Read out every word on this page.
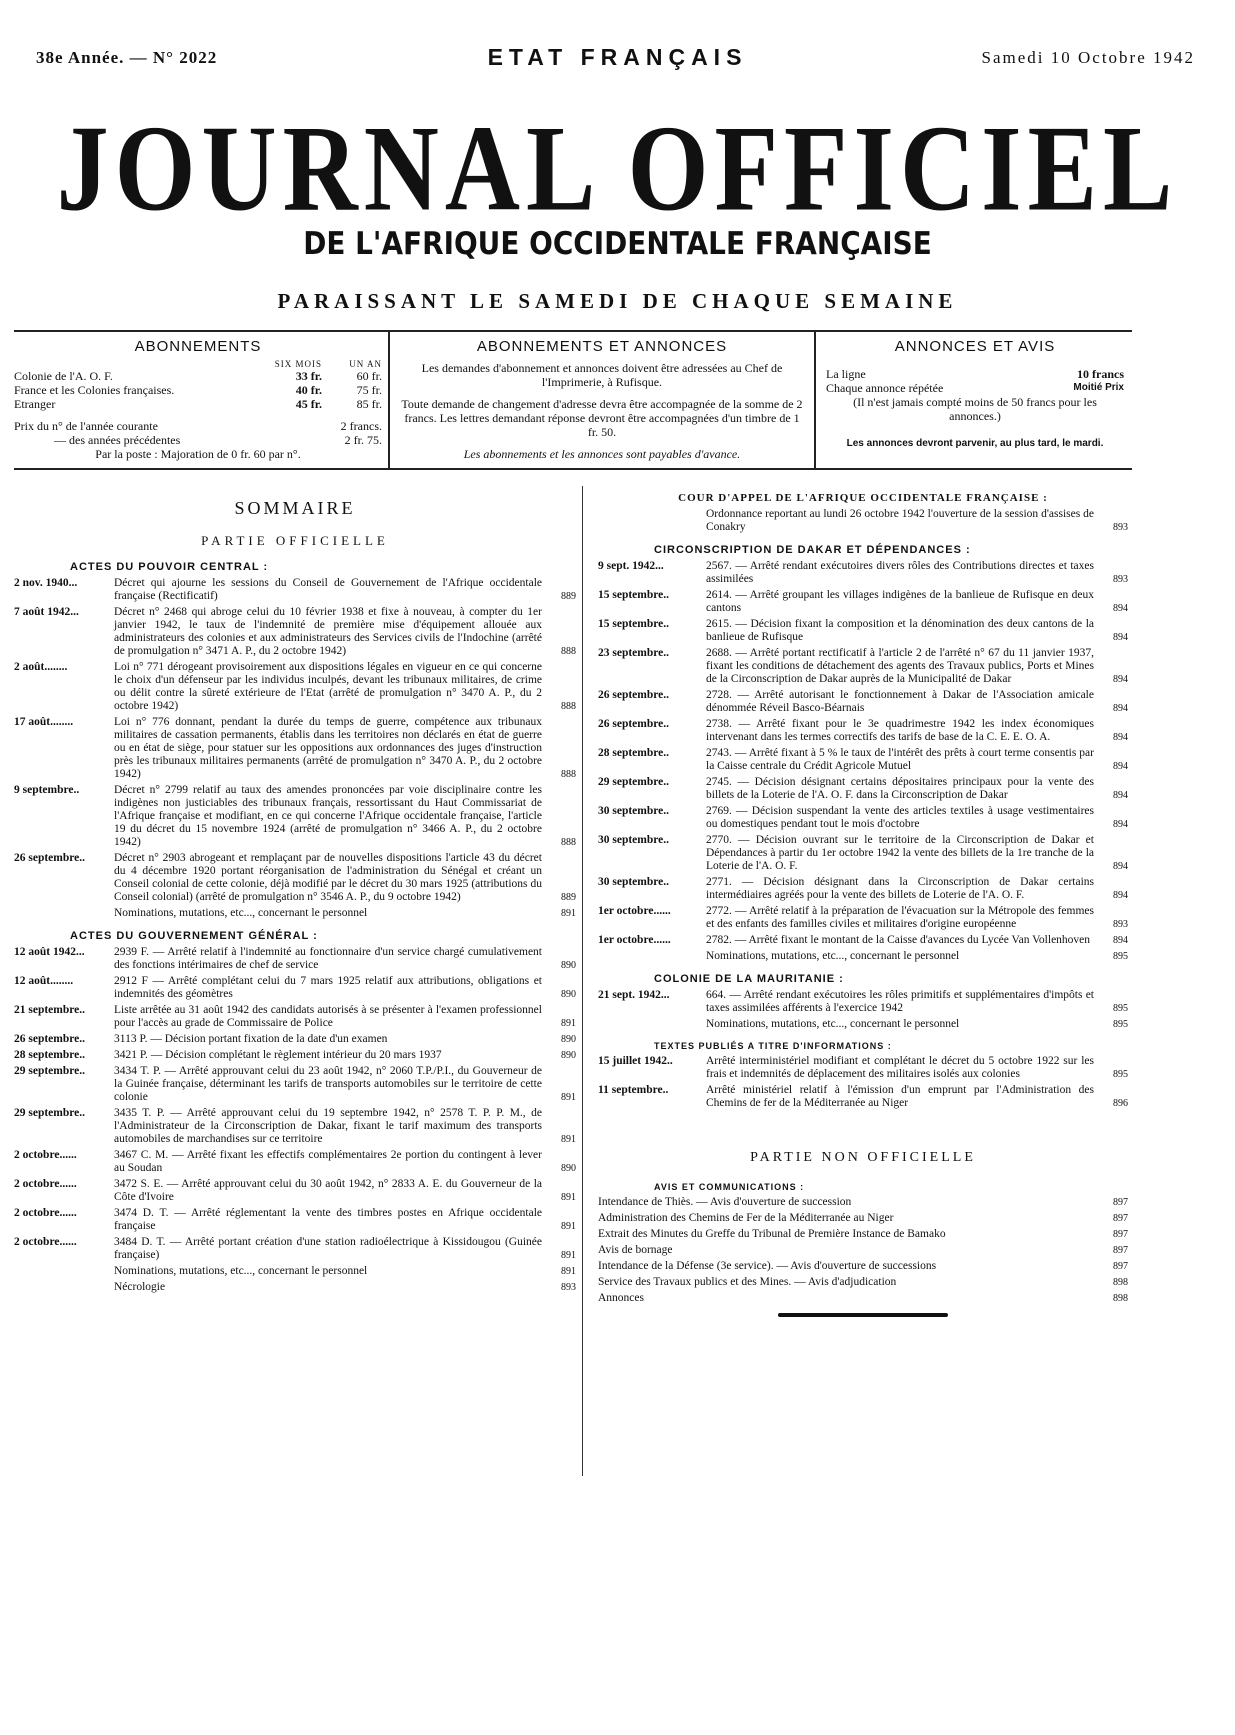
38e Année. — N° 2022	ETAT FRANÇAIS	Samedi 10 Octobre 1942
JOURNAL OFFICIEL
DE L'AFRIQUE OCCIDENTALE FRANÇAISE
PARAISSANT LE SAMEDI DE CHAQUE SEMAINE
ABONNEMENTS
SIX MOIS	UN AN
Colonie de l'A. O. F.	33 fr.	60 fr.
France et les Colonies françaises.	40 fr.	75 fr.
Etranger	45 fr.	85 fr.
Prix du n° de l'année courante	2 francs.
— des années précédentes	2 fr. 75.
Par la poste : Majoration de 0 fr. 60 par n°.
ABONNEMENTS ET ANNONCES
Les demandes d'abonnement et annonces doivent être adressées au Chef de l'Imprimerie, à Rufisque.
Toute demande de changement d'adresse devra être accompagnée de la somme de 2 francs. Les lettres demandant réponse devront être accompagnées d'un timbre de 1 fr. 50.
Les abonnements et les annonces sont payables d'avance.
ANNONCES ET AVIS
La ligne	10 francs
Chaque annonce répétée	Moitié Prix
(Il n'est jamais compté moins de 50 francs pour les annonces.)
Les annonces devront parvenir, au plus tard, le mardi.
SOMMAIRE
PARTIE OFFICIELLE
ACTES DU POUVOIR CENTRAL :
2 nov. 1940...	Décret qui ajourne les sessions du Conseil de Gouvernement de l'Afrique occidentale française (Rectificatif)	889
7 août 1942...	Décret n° 2468 qui abroge celui du 10 février 1938 et fixe à nouveau, à compter du 1er janvier 1942, le taux de l'indemnité de première mise d'équipement allouée aux administrateurs des colonies et aux administrateurs des Services civils de l'Indochine (arrêté de promulgation n° 3471 A. P., du 2 octobre 1942)	888
2 août........	Loi n° 771 dérogeant provisoirement aux dispositions légales en vigueur en ce qui concerne le choix d'un défenseur par les individus inculpés, devant les tribunaux militaires, de crime ou délit contre la sûreté extérieure de l'Etat (arrêté de promulgation n° 3470 A. P., du 2 octobre 1942)	888
17 août........	Loi n° 776 donnant, pendant la durée du temps de guerre, compétence aux tribunaux militaires de cassation permanents, établis dans les territoires non déclarés en état de guerre ou en état de siège, pour statuer sur les oppositions aux ordonnances des juges d'instruction près les tribunaux militaires permanents (arrêté de promulgation n° 3470 A. P., du 2 octobre 1942)	888
9 septembre..	Décret n° 2799 relatif au taux des amendes prononcées par voie disciplinaire contre les indigènes non justiciables des tribunaux français, ressortissant du Haut Commissariat de l'Afrique française et modifiant, en ce qui concerne l'Afrique occidentale française, l'article 19 du décret du 15 novembre 1924 (arrêté de promulgation n° 3466 A. P., du 2 octobre 1942)	888
26 septembre..	Décret n° 2903 abrogeant et remplaçant par de nouvelles dispositions l'article 43 du décret du 4 décembre 1920 portant réorganisation de l'administration du Sénégal et créant un Conseil colonial de cette colonie, déjà modifié par le décret du 30 mars 1925 (attributions du Conseil colonial) (arrêté de promulgation n° 3546 A. P., du 9 octobre 1942)	889
Nominations, mutations, etc..., concernant le personnel	891
ACTES DU GOUVERNEMENT GÉNÉRAL :
12 août 1942...	2939 F. — Arrêté relatif à l'indemnité au fonctionnaire d'un service chargé cumulativement des fonctions intérimaires de chef de service	890
12 août........	2912 F — Arrêté complétant celui du 7 mars 1925 relatif aux attributions, obligations et indemnités des géomètres	890
21 septembre..	Liste arrêtée au 31 août 1942 des candidats autorisés à se présenter à l'examen professionnel pour l'accès au grade de Commissaire de Police	891
26 septembre..	3113 P. — Décision portant fixation de la date d'un examen	890
28 septembre..	3421 P. — Décision complétant le règlement intérieur du 20 mars 1937	890
29 septembre..	3434 T. P. — Arrêté approuvant celui du 23 août 1942, n° 2060 T.P./P.I., du Gouverneur de la Guinée française, déterminant les tarifs de transports automobiles sur le territoire de cette colonie	891
29 septembre..	3435 T. P. — Arrêté approuvant celui du 19 septembre 1942, n° 2578 T. P. P. M., de l'Administrateur de la Circonscription de Dakar, fixant le tarif maximum des transports automobiles de marchandises sur ce territoire	891
2 octobre......	3467 C. M. — Arrêté fixant les effectifs complémentaires 2e portion du contingent à lever au Soudan	890
2 octobre......	3472 S. E. — Arrêté approuvant celui du 30 août 1942, n° 2833 A. E. du Gouverneur de la Côte d'Ivoire	891
2 octobre......	3474 D. T. — Arrêté réglementant la vente des timbres postes en Afrique occidentale française	891
2 octobre......	3484 D. T. — Arrêté portant création d'une station radioélectrique à Kissidougou (Guinée française)	891
Nominations, mutations, etc..., concernant le personnel	891
Nécrologie	893
COUR D'APPEL DE L'AFRIQUE OCCIDENTALE FRANÇAISE :
Ordonnance reportant au lundi 26 octobre 1942 l'ouverture de la session d'assises de Conakry	893
CIRCONSCRIPTION DE DAKAR ET DÉPENDANCES :
9 sept. 1942...	2567. — Arrêté rendant exécutoires divers rôles des Contributions directes et taxes assimilées	893
15 septembre..	2614. — Arrêté groupant les villages indigènes de la banlieue de Rufisque en deux cantons	894
15 septembre..	2615. — Décision fixant la composition et la dénomination des deux cantons de la banlieue de Rufisque	894
23 septembre..	2688. — Arrêté portant rectificatif à l'article 2 de l'arrêté n° 67 du 11 janvier 1937, fixant les conditions de détachement des agents des Travaux publics, Ports et Mines de la Circonscription de Dakar auprès de la Municipalité de Dakar	894
26 septembre..	2728. — Arrêté autorisant le fonctionnement à Dakar de l'Association amicale dénommée Réveil Basco-Béarnais	894
26 septembre..	2738. — Arrêté fixant pour le 3e quadrimestre 1942 les index économiques intervenant dans les termes correctifs des tarifs de base de la C. E. E. O. A.	894
28 septembre..	2743. — Arrêté fixant à 5 % le taux de l'intérêt des prêts à court terme consentis par la Caisse centrale du Crédit Agricole Mutuel	894
29 septembre..	2745. — Décision désignant certains dépositaires principaux pour la vente des billets de la Loterie de l'A. O. F. dans la Circonscription de Dakar	894
30 septembre..	2769. — Décision suspendant la vente des articles textiles à usage vestimentaires ou domestiques pendant tout le mois d'octobre	894
30 septembre..	2770. — Décision ouvrant sur le territoire de la Circonscription de Dakar et Dépendances à partir du 1er octobre 1942 la vente des billets de la 1re tranche de la Loterie de l'A. O. F.	894
30 septembre..	2771. — Décision désignant dans la Circonscription de Dakar certains intermédiaires agréés pour la vente des billets de Loterie de l'A. O. F.	894
1er octobre......	2772. — Arrêté relatif à la préparation de l'évacuation sur la Métropole des femmes et des enfants des familles civiles et militaires d'origine européenne	893
1er octobre......	2782. — Arrêté fixant le montant de la Caisse d'avances du Lycée Van Vollenhoven	894
Nominations, mutations, etc..., concernant le personnel	895
COLONIE DE LA MAURITANIE :
21 sept. 1942...	664. — Arrêté rendant exécutoires les rôles primitifs et supplémentaires d'impôts et taxes assimilées afférents à l'exercice 1942	895
Nominations, mutations, etc..., concernant le personnel	895
TEXTES PUBLIÉS A TITRE D'INFORMATIONS :
15 juillet 1942..	Arrêté interministériel modifiant et complétant le décret du 5 octobre 1922 sur les frais et indemnités de déplacement des militaires isolés aux colonies	895
11 septembre..	Arrêté ministériel relatif à l'émission d'un emprunt par l'Administration des Chemins de fer de la Méditerranée au Niger	896
PARTIE NON OFFICIELLE
AVIS ET COMMUNICATIONS :
Intendance de Thiès. — Avis d'ouverture de succession	897
Administration des Chemins de Fer de la Méditerranée au Niger	897
Extrait des Minutes du Greffe du Tribunal de Première Instance de Bamako	897
Avis de bornage	897
Intendance de la Défense (3e service). — Avis d'ouverture de successions	897
Service des Travaux publics et des Mines. — Avis d'adjudication	898
Annonces	898
